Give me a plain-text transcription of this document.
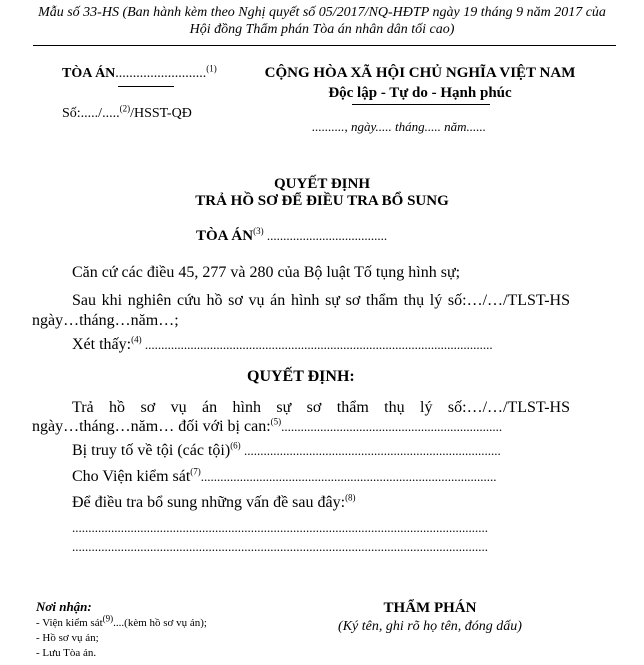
Mẫu số 33-HS (Ban hành kèm theo Nghị quyết số 05/2017/NQ-HĐTP ngày 19 tháng 9 năm 2017 của
Hội đồng Thẩm phán Tòa án nhân dân tối cao)
TÒA ÁN..........................$^{(1)}$
Số:...../.....$^{(2)}$/HSST-QĐ
CỘNG HÒA XÃ HỘI CHỦ NGHĨA VIỆT NAM
Độc lập - Tự do - Hạnh phúc
.........., ngày..... tháng..... năm......
QUYẾT ĐỊNH
TRẢ HỒ SƠ ĐỂ ĐIỀU TRA BỔ SUNG
TÒA ÁN$^{(3)}$ .....................................
Căn cứ các điều 45, 277 và 280 của Bộ luật Tố tụng hình sự;
Sau khi nghiên cứu hồ sơ vụ án hình sự sơ thẩm thụ lý số:…/…/TLST-HS
ngày…tháng…năm…;
Xét thấy:$^{(4)}$ ...........................................................................................................
QUYẾT ĐỊNH:
Trả hồ sơ vụ án hình sự sơ thẩm thụ lý số:…/…/TLST-HS
ngày…tháng…năm… đối với bị can:$^{(5)}$....................................................................
Bị truy tố về tội (các tội)$^{(6)}$ ...............................................................................
Cho Viện kiểm sát$^{(7)}$...........................................................................................
Để điều tra bổ sung những vấn đề sau đây:$^{(8)}$
................................................................................................................................
................................................................................................................................
Nơi nhận:
- Viện kiểm sát$^{(9)}$....(kèm hồ sơ vụ án);
- Hồ sơ vụ án;
- Lưu Tòa án.
THẨM PHÁN
(Ký tên, ghi rõ họ tên, đóng dấu)
